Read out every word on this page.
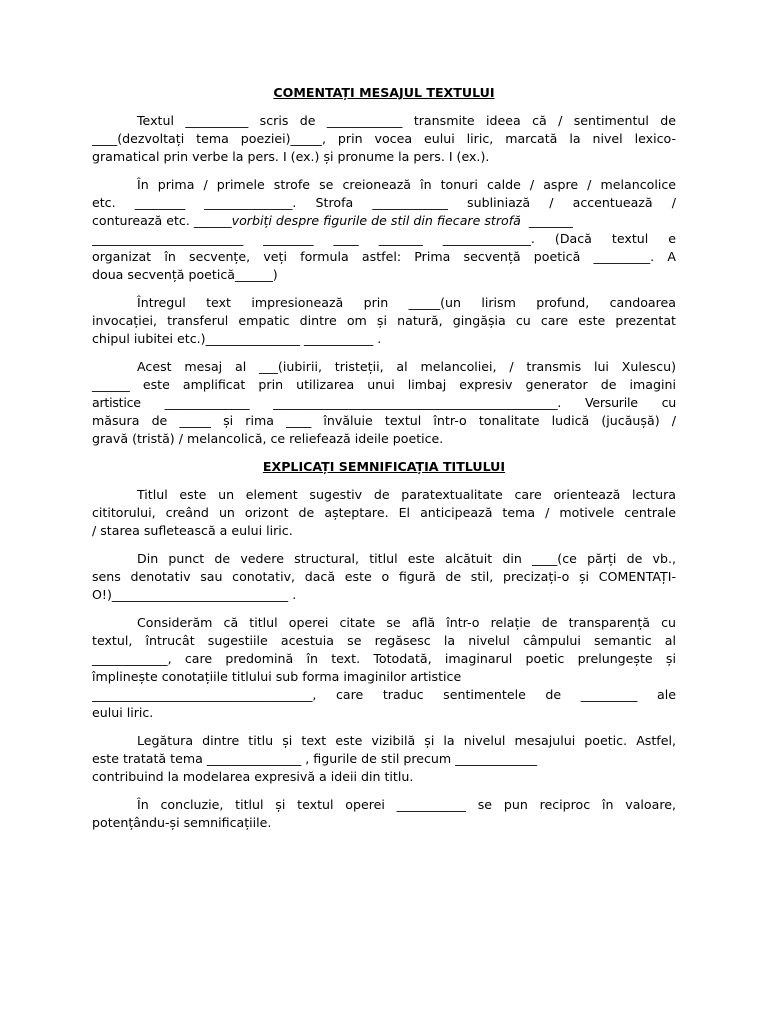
COMENTAȚI MESAJUL TEXTULUI

Textul __________ scris de ____________ transmite ideea că / sentimentul de
____(dezvoltați tema poeziei)_____, prin vocea eului liric, marcată la nivel lexico-
gramatical prin verbe la pers. I (ex.) și pronume la pers. I (ex.).

În prima / primele strofe se creionează în tonuri calde / aspre / melancolice
etc. ________ ______________. Strofa ____________ subliniază / accentuează /
conturează etc. ______vorbiți despre figurile de stil din fiecare strofă  _______
________________________ ________ ____ _______ ______________. (Dacă textul e
organizat în secvențe, veți formula astfel: Prima secvență poetică _________. A
doua secvență poetică______)

Întregul text impresionează prin _____(un lirism profund, candoarea
invocației, transferul empatic dintre om și natură, gingășia cu care este prezentat
chipul iubitei etc.)_______________ ___________ .

Acest mesaj al ___(iubirii, tristeții, al melancoliei, / transmis lui Xulescu)
______ este amplificat prin utilizarea unui limbaj expresiv generator de imagini
artistice ______________ _______________________________________________. Versurile cu
măsura de _____ și rima ____ învăluie textul într-o tonalitate ludică (jucăușă) /
gravă (tristă) / melancolică, ce reliefează ideile poetice.

EXPLICAȚI SEMNIFICAȚIA TITLULUI

Titlul este un element sugestiv de paratextualitate care orientează lectura
cititorului, creând un orizont de așteptare. El anticipează tema / motivele centrale
/ starea sufletească a eului liric.

Din punct de vedere structural, titlul este alcătuit din ____(ce părți de vb.,
sens denotativ sau conotativ, dacă este o figură de stil, precizați-o și COMENTAȚI-
O!)____________________________ .

Considerăm că titlul operei citate se află într-o relație de transparență cu
textul, întrucât sugestiile acestuia se regăsesc la nivelul câmpului semantic al
____________, care predomină în text. Totodată, imaginarul poetic prelungește și
împlinește conotațiile titlului sub forma imaginilor artistice
___________________________________, care traduc sentimentele de _________ ale
eului liric.

Legătura dintre titlu și text este vizibilă și la nivelul mesajului poetic. Astfel,
este tratată tema _______________ , figurile de stil precum _____________
contribuind la modelarea expresivă a ideii din titlu.

În concluzie, titlul și textul operei ___________ se pun reciproc în valoare,
potențându-și semnificațiile.
